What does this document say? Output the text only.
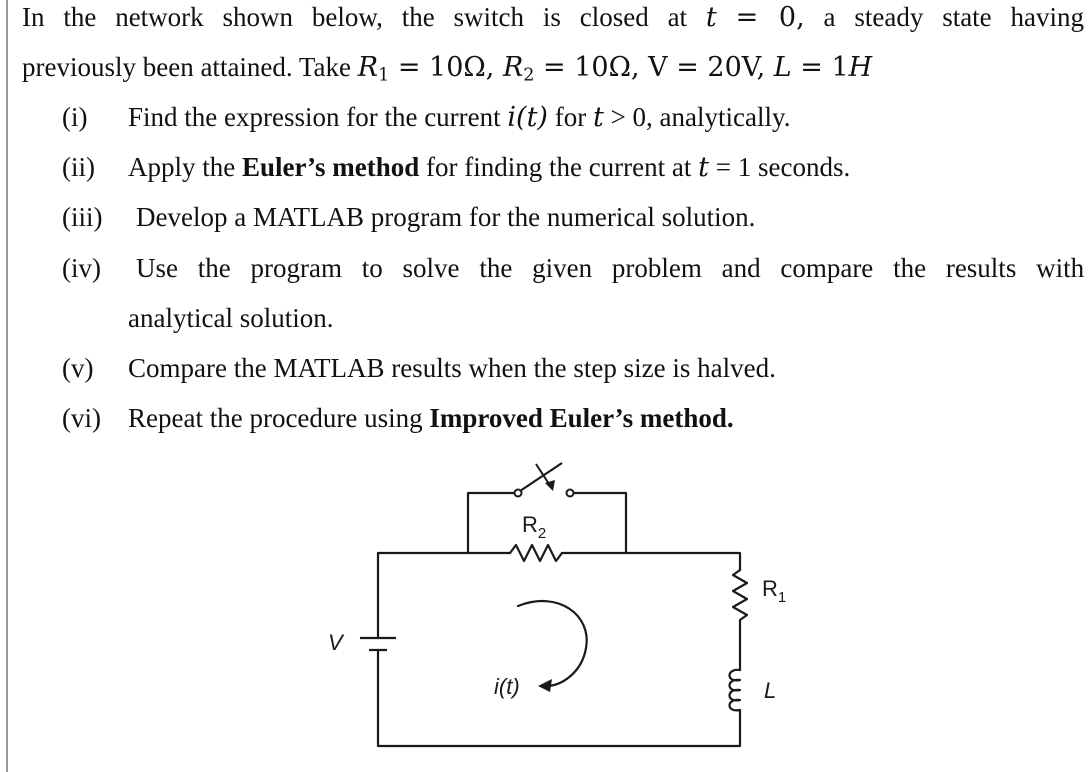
In the network shown below, the switch is closed at t = 0, a steady state having
previously been attained. Take $R_1 = 10\Omega$, $R_2 = 10\Omega$, V = 20V, L = 1H
(i) Find the expression for the current i(t) for t > 0, analytically.
(ii) Apply the Euler’s method for finding the current at t = 1 seconds.
(iii) Develop a MATLAB program for the numerical solution.
(iv) Use the program to solve the given problem and compare the results with
analytical solution.
(v) Compare the MATLAB results when the step size is halved.
(vi) Repeat the procedure using Improved Euler’s method.
$R_2$
$R_1$
V
L
i(t)
